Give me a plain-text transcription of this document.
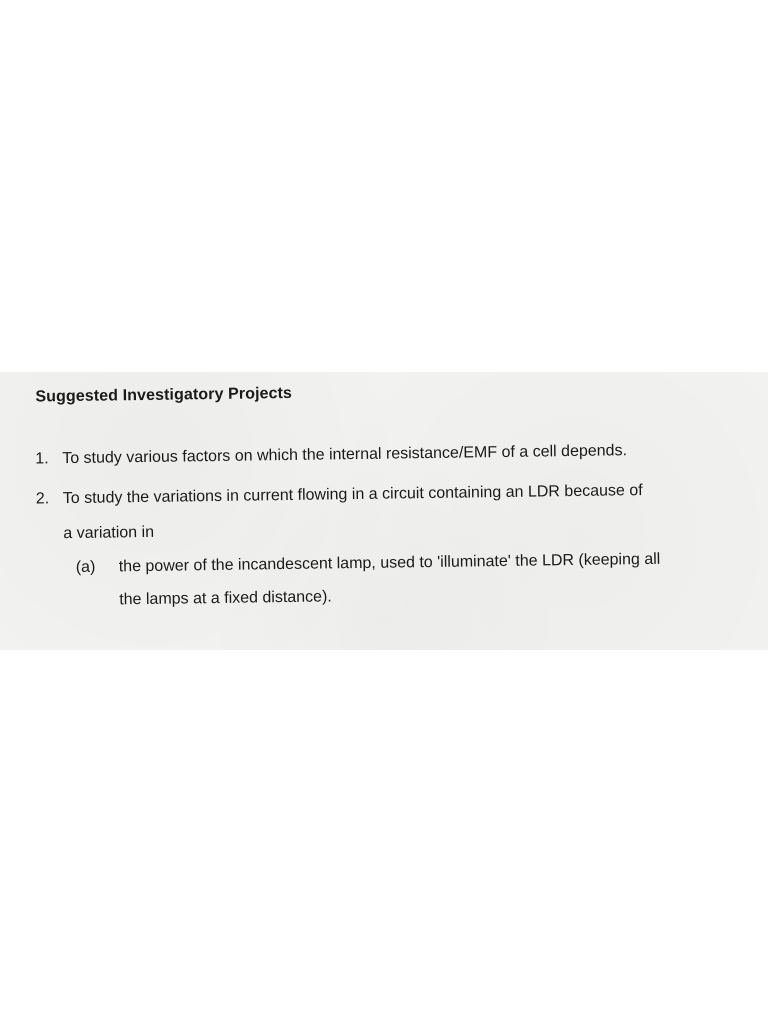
Suggested Investigatory Projects

1. To study various factors on which the internal resistance/EMF of a cell depends.

2. To study the variations in current flowing in a circuit containing an LDR because of
a variation in

(a)	the power of the incandescent lamp, used to 'illuminate' the LDR (keeping all
the lamps at a fixed distance).
